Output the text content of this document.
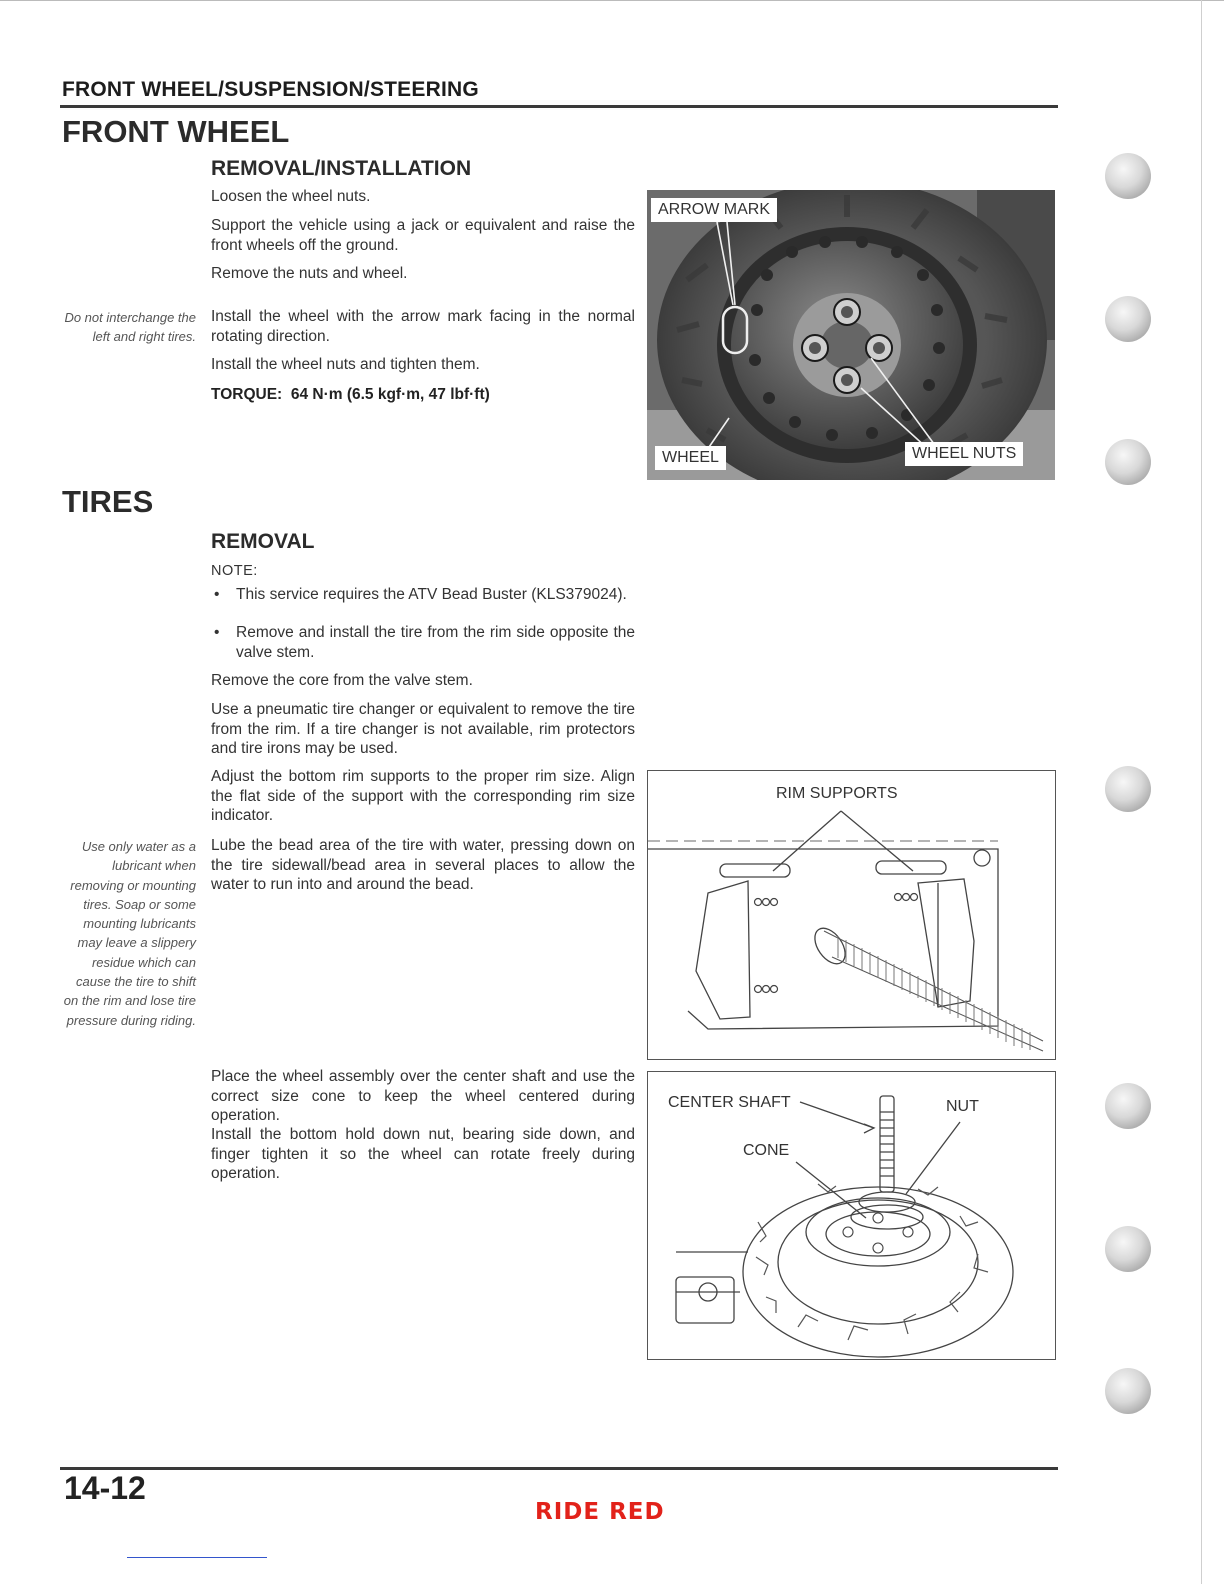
FRONT WHEEL/SUSPENSION/STEERING
FRONT WHEEL
REMOVAL/INSTALLATION
Loosen the wheel nuts.
Support the vehicle using a jack or equivalent and raise the front wheels off the ground.
Remove the nuts and wheel.
Install the wheel with the arrow mark facing in the normal rotating direction.
Install the wheel nuts and tighten them.
TORQUE: 64 N·m (6.5 kgf·m, 47 lbf·ft)
Do not interchange the left and right tires.
ARROW MARK
WHEEL	WHEEL NUTS
TIRES
REMOVAL
NOTE:
• This service requires the ATV Bead Buster (KLS379024).
• Remove and install the tire from the rim side opposite the valve stem.
Remove the core from the valve stem.
Use a pneumatic tire changer or equivalent to remove the tire from the rim. If a tire changer is not available, rim protectors and tire irons may be used.
Adjust the bottom rim supports to the proper rim size. Align the flat side of the support with the corresponding rim size indicator.
Lube the bead area of the tire with water, pressing down on the tire sidewall/bead area in several places to allow the water to run into and around the bead.
Place the wheel assembly over the center shaft and use the correct size cone to keep the wheel centered during operation.
Install the bottom hold down nut, bearing side down, and finger tighten it so the wheel can rotate freely during operation.
Use only water as a lubricant when removing or mounting tires. Soap or some mounting lubricants may leave a slippery residue which can cause the tire to shift on the rim and lose tire pressure during riding.
RIM SUPPORTS
CENTER SHAFT	NUT
CONE
14-12
RIDE RED
